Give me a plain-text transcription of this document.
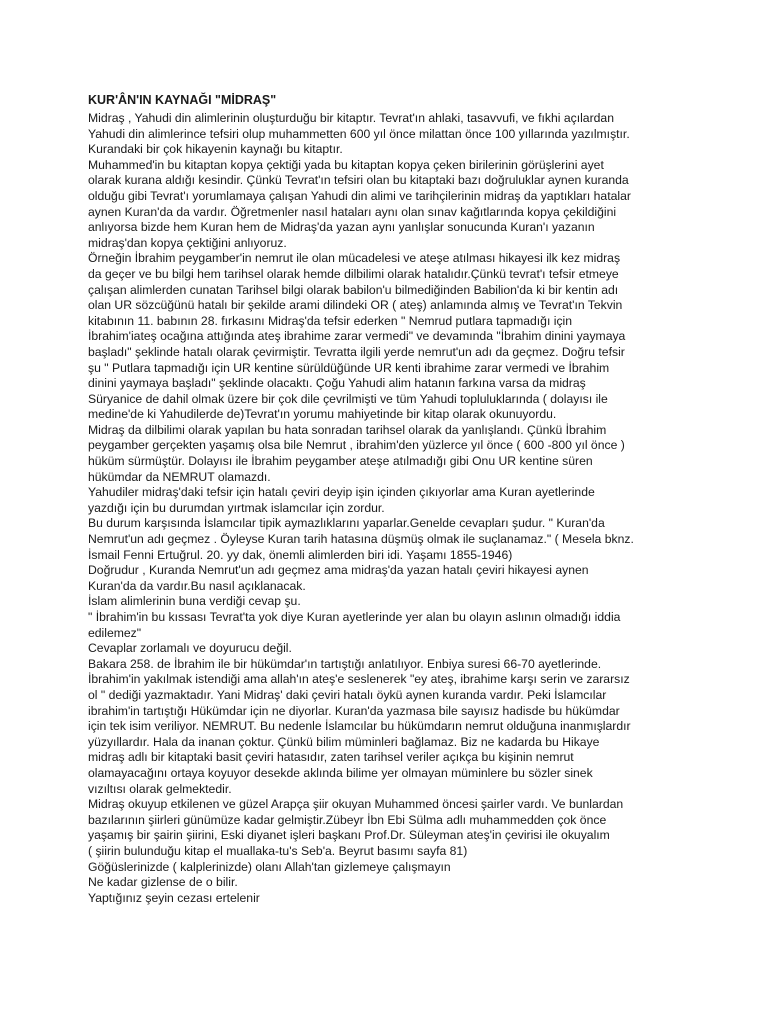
KUR'ÂN'IN KAYNAĞI "MİDRAŞ"
Midraş , Yahudi din alimlerinin oluşturduğu bir kitaptır. Tevrat'ın ahlaki, tasavvufi, ve fıkhi açılardan
Yahudi din alimlerince tefsiri olup muhammetten 600 yıl önce milattan önce 100 yıllarında yazılmıştır.
Kurandaki bir çok hikayenin kaynağı bu kitaptır.
Muhammed'in bu kitaptan kopya çektiği yada bu kitaptan kopya çeken birilerinin görüşlerini ayet
olarak kurana aldığı kesindir. Çünkü Tevrat'ın tefsiri olan bu kitaptaki bazı doğruluklar aynen kuranda
olduğu gibi Tevrat'ı yorumlamaya çalışan Yahudi din alimi ve tarihçilerinin midraş da yaptıkları hatalar
aynen Kuran'da da vardır. Öğretmenler nasıl hataları aynı olan sınav kağıtlarında kopya çekildiğini
anlıyorsa bizde hem Kuran hem de Midraş'da yazan aynı yanlışlar sonucunda Kuran'ı yazanın
midraş'dan kopya çektiğini anlıyoruz.
Örneğin İbrahim peygamber'in nemrut ile olan mücadelesi ve ateşe atılması hikayesi ilk kez midraş
da geçer ve bu bilgi hem tarihsel olarak hemde dilbilimi olarak hatalıdır.Çünkü tevrat'ı tefsir etmeye
çalışan alimlerden cunatan Tarihsel bilgi olarak babilon'u bilmediğinden Babilion'da ki bir kentin adı
olan UR sözcüğünü hatalı bir şekilde arami dilindeki OR ( ateş) anlamında almış ve Tevrat'ın Tekvin
kitabının 11. babının 28. fırkasını Midraş'da tefsir ederken " Nemrud putlara tapmadığı için
İbrahim'iateş ocağına attığında ateş ibrahime zarar vermedi" ve devamında "İbrahim dinini yaymaya
başladı" şeklinde hatalı olarak çevirmiştir. Tevratta ilgili yerde nemrut'un adı da geçmez. Doğru tefsir
şu " Putlara tapmadığı için UR kentine sürüldüğünde UR kenti ibrahime zarar vermedi ve İbrahim
dinini yaymaya başladı" şeklinde olacaktı. Çoğu Yahudi alim hatanın farkına varsa da midraş
Süryanice de dahil olmak üzere bir çok dile çevrilmişti ve tüm Yahudi topluluklarında ( dolayısı ile
medine'de ki Yahudilerde de)Tevrat'ın yorumu mahiyetinde bir kitap olarak okunuyordu.
Midraş da dilbilimi olarak yapılan bu hata sonradan tarihsel olarak da yanlışlandı. Çünkü İbrahim
peygamber gerçekten yaşamış olsa bile Nemrut , ibrahim'den yüzlerce yıl önce ( 600 -800 yıl önce )
hüküm sürmüştür. Dolayısı ile İbrahim peygamber ateşe atılmadığı gibi Onu UR kentine süren
hükümdar da NEMRUT olamazdı.
Yahudiler midraş'daki tefsir için hatalı çeviri deyip işin içinden çıkıyorlar ama Kuran ayetlerinde
yazdığı için bu durumdan yırtmak islamcılar için zordur.
Bu durum karşısında İslamcılar tipik aymazlıklarını yaparlar.Genelde cevapları şudur. " Kuran'da
Nemrut'un adı geçmez . Öyleyse Kuran tarih hatasına düşmüş olmak ile suçlanamaz." ( Mesela bknz.
İsmail Fenni Ertuğrul. 20. yy dak, önemli alimlerden biri idi. Yaşamı 1855-1946)
Doğrudur , Kuranda Nemrut'un adı geçmez ama midraş'da yazan hatalı çeviri hikayesi aynen
Kuran'da da vardır.Bu nasıl açıklanacak.
İslam alimlerinin buna verdiği cevap şu.
" İbrahim'in bu kıssası Tevrat'ta yok diye Kuran ayetlerinde yer alan bu olayın aslının olmadığı iddia
edilemez"
Cevaplar zorlamalı ve doyurucu değil.
Bakara 258. de İbrahim ile bir hükümdar'ın tartıştığı anlatılıyor. Enbiya suresi 66-70 ayetlerinde.
İbrahim'in yakılmak istendiği ama allah'ın ateş'e seslenerek "ey ateş, ibrahime karşı serin ve zararsız
ol " dediği yazmaktadır. Yani Midraş' daki çeviri hatalı öykü aynen kuranda vardır. Peki İslamcılar
ibrahim'in tartıştığı Hükümdar için ne diyorlar. Kuran'da yazmasa bile sayısız hadisde bu hükümdar
için tek isim veriliyor. NEMRUT. Bu nedenle İslamcılar bu hükümdarın nemrut olduğuna inanmışlardır
yüzyıllardır. Hala da inanan çoktur. Çünkü bilim müminleri bağlamaz. Biz ne kadarda bu Hikaye
midraş adlı bir kitaptaki basit çeviri hatasıdır, zaten tarihsel veriler açıkça bu kişinin nemrut
olamayacağını ortaya koyuyor desekde aklında bilime yer olmayan müminlere bu sözler sinek
vızıltısı olarak gelmektedir.
Midraş okuyup etkilenen ve güzel Arapça şiir okuyan Muhammed öncesi şairler vardı. Ve bunlardan
bazılarının şiirleri günümüze kadar gelmiştir.Zübeyr İbn Ebi Sülma adlı muhammedden çok önce
yaşamış bir şairin şiirini, Eski diyanet işleri başkanı Prof.Dr. Süleyman ateş'in çevirisi ile okuyalım
( şiirin bulunduğu kitap el muallaka-tu's Seb'a. Beyrut basımı sayfa 81)
Göğüslerinizde ( kalplerinizde) olanı Allah'tan gizlemeye çalışmayın
Ne kadar gizlense de o bilir.
Yaptığınız şeyin cezası ertelenir
